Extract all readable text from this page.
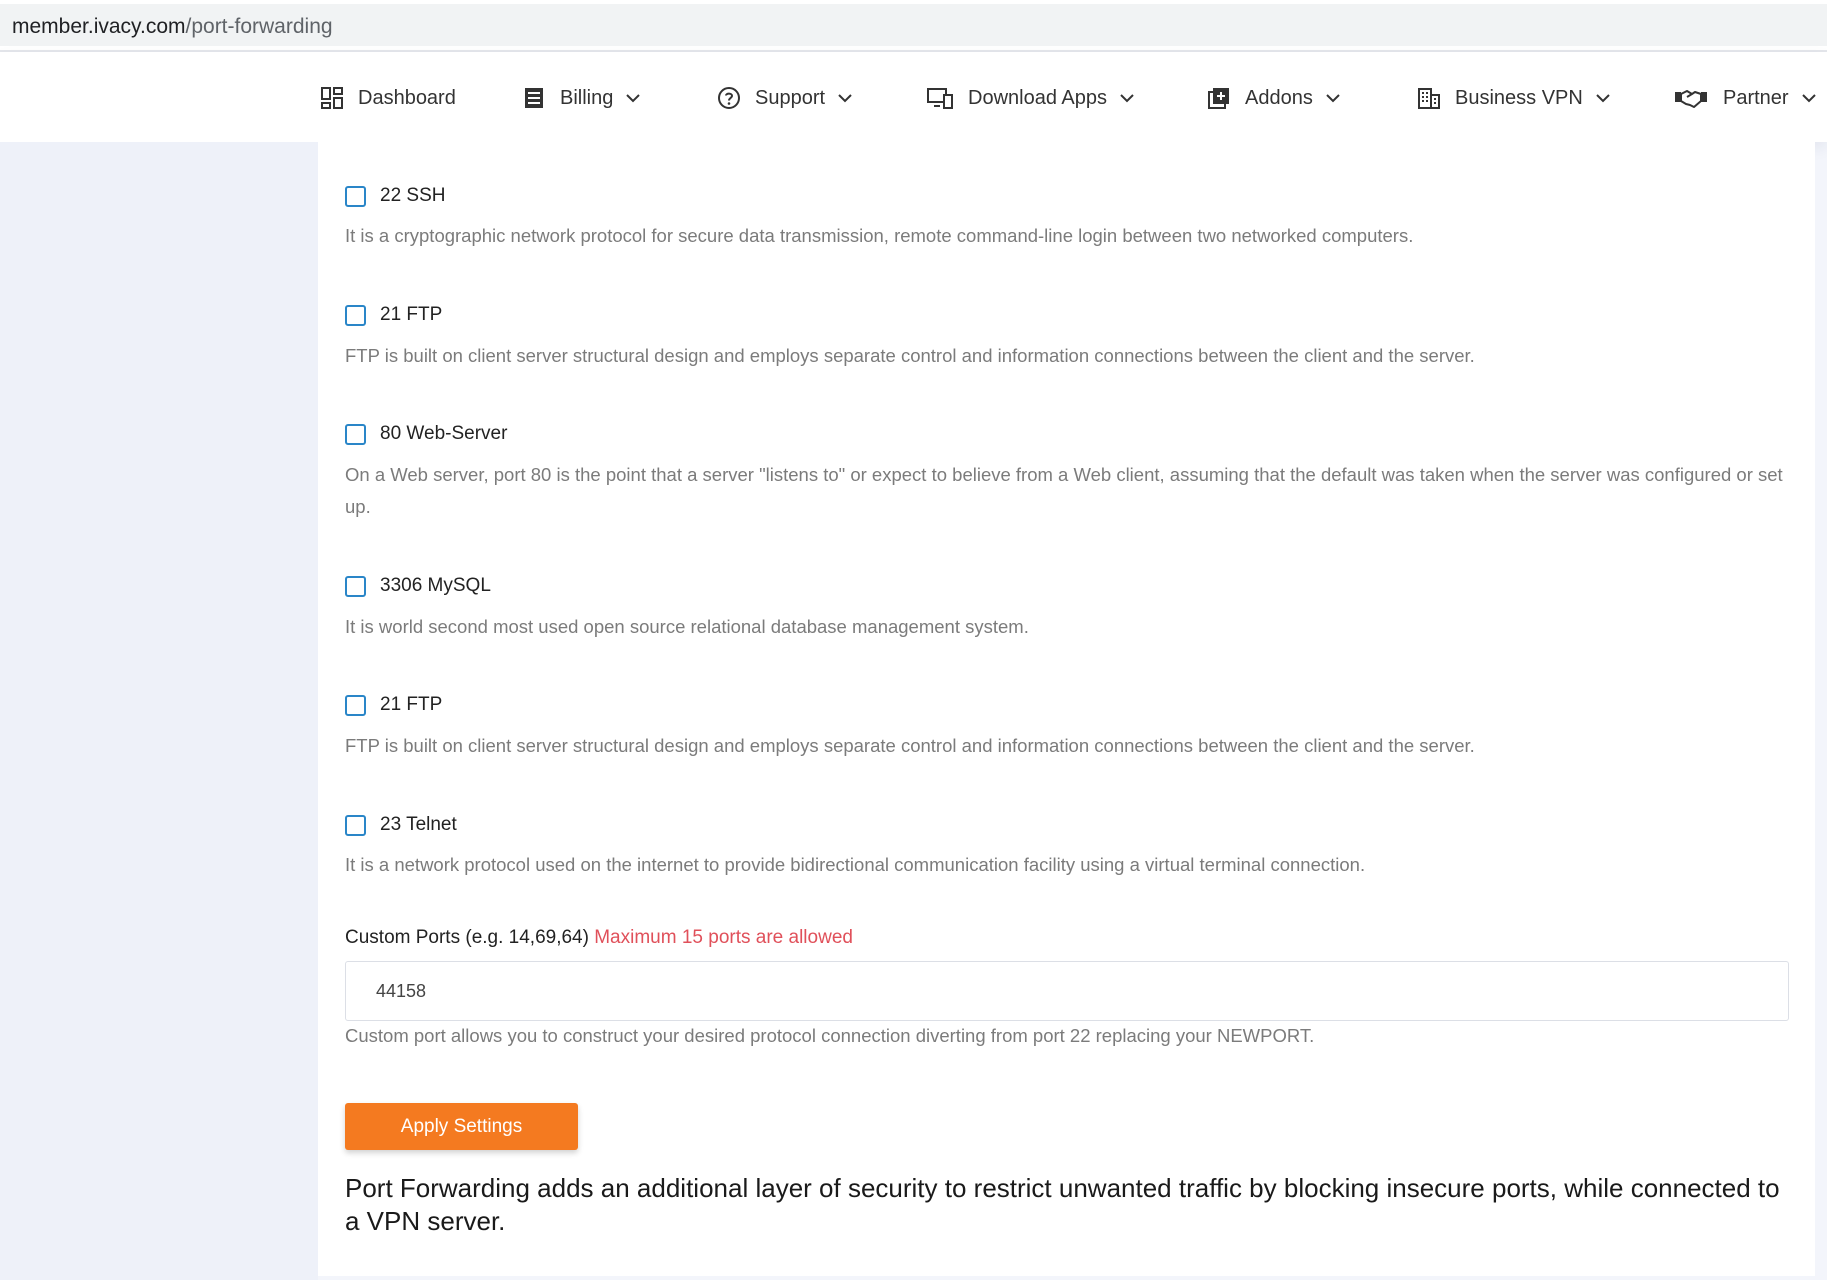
member.ivacy.com/port-forwarding
Dashboard	Billing	Support	Download Apps	Addons	Business VPN	Partner
22 SSH
It is a cryptographic network protocol for secure data transmission, remote command-line login between two networked computers.
21 FTP
FTP is built on client server structural design and employs separate control and information connections between the client and the server.
80 Web-Server
On a Web server, port 80 is the point that a server "listens to" or expect to believe from a Web client, assuming that the default was taken when the server was configured or set up.
3306 MySQL
It is world second most used open source relational database management system.
21 FTP
FTP is built on client server structural design and employs separate control and information connections between the client and the server.
23 Telnet
It is a network protocol used on the internet to provide bidirectional communication facility using a virtual terminal connection.
Custom Ports (e.g. 14,69,64) Maximum 15 ports are allowed
44158
Custom port allows you to construct your desired protocol connection diverting from port 22 replacing your NEWPORT.
Apply Settings
Port Forwarding adds an additional layer of security to restrict unwanted traffic by blocking insecure ports, while connected to a VPN server.
